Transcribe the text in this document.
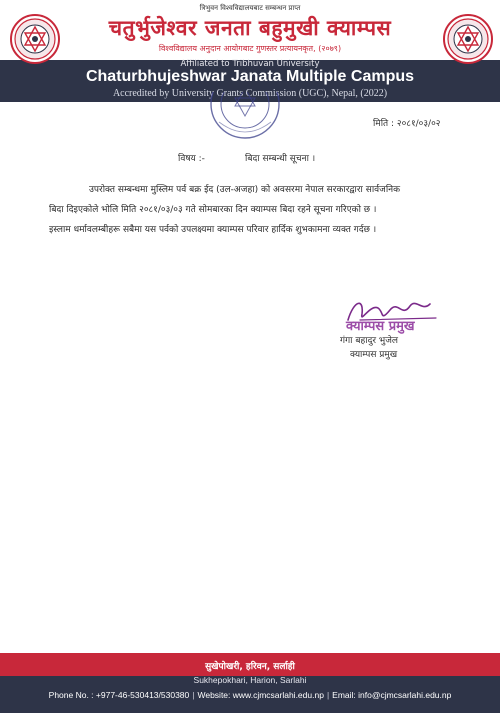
त्रिभुवन विश्वविद्यालयबाट सम्बन्धन प्राप्त
चतुर्भुजेश्वर जनता बहुमुखी क्याम्पस
विश्वविद्यालय अनुदान आयोगबाट गुणस्तर प्रत्यायनकृत, (२०७९)
Affiliated to Tribhuvan University
Chaturbhujeshwar Janata Multiple Campus
Accredited by University Grants Commission (UGC), Nepal, (2022)
मिति : २०८१/०३/०२
विषय :-	बिदा सम्बन्धी सूचना ।
उपरोक्त सम्बन्धमा मुस्लिम पर्व बक्र ईद (उल-अजहा) को अवसरमा नेपाल सरकारद्वारा सार्वजनिक
बिदा दिइएकोले भोलि मिति २०८१/०३/०३ गते सोमबारका दिन क्याम्पस बिदा रहने सूचना गरिएको छ ।
इस्लाम धर्मावलम्बीहरू सबैमा यस पर्वको उपलक्ष्यमा क्याम्पस परिवार हार्दिक शुभकामना व्यक्त गर्दछ ।
क्याम्पस प्रमुख
गंगा बहादुर भुजेल
क्याम्पस प्रमुख
सुखेपोखरी, हरिवन, सर्लाही
Sukhepokhari, Harion, Sarlahi
Phone No. : +977-46-530413/530380 | Website: www.cjmcsarlahi.edu.np | Email: info@cjmcsarlahi.edu.np
